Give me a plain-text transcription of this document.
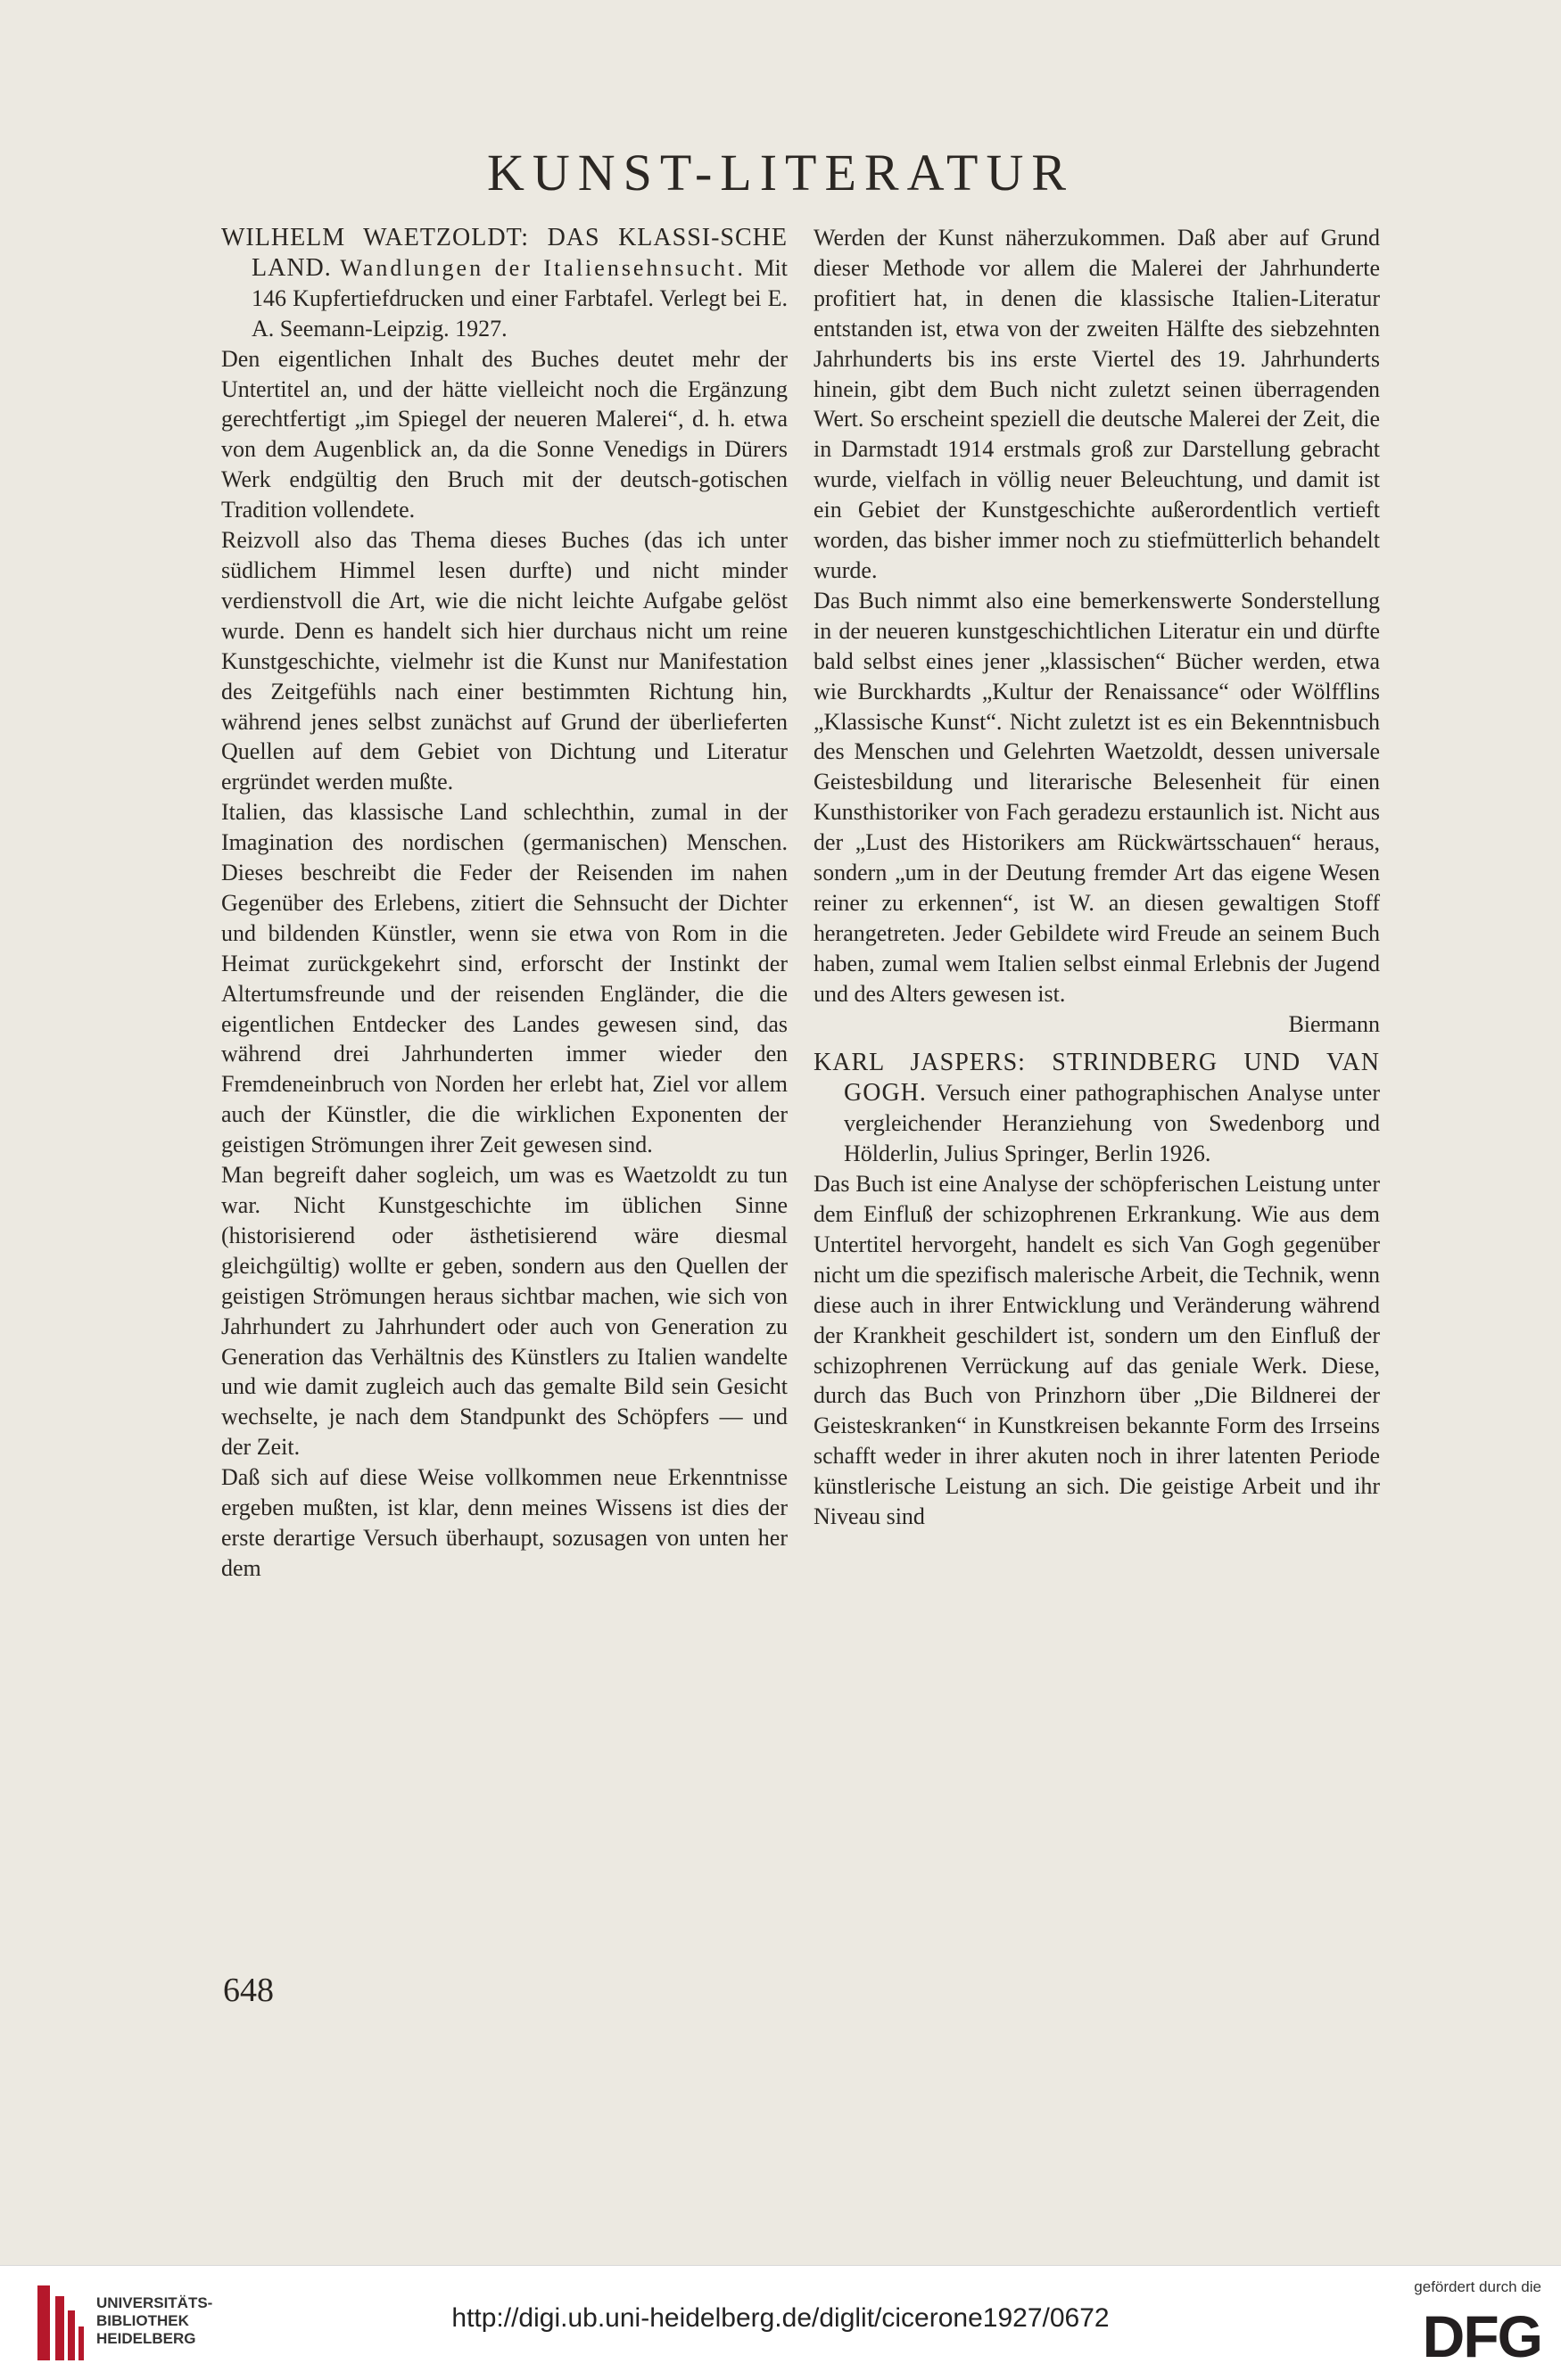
KUNST-LITERATUR

WILHELM WAETZOLDT: DAS KLASSI-SCHE LAND. Wandlungen der Italiensehnsucht. Mit 146 Kupfertiefdrucken und einer Farbtafel. Verlegt bei E. A. Seemann-Leipzig. 1927.

Den eigentlichen Inhalt des Buches deutet mehr der Untertitel an, und der hätte vielleicht noch die Ergänzung gerechtfertigt „im Spiegel der neueren Malerei“, d. h. etwa von dem Augenblick an, da die Sonne Venedigs in Dürers Werk endgültig den Bruch mit der deutsch-gotischen Tradition vollendete.

Reizvoll also das Thema dieses Buches (das ich unter südlichem Himmel lesen durfte) und nicht minder verdienstvoll die Art, wie die nicht leichte Aufgabe gelöst wurde. Denn es handelt sich hier durchaus nicht um reine Kunstgeschichte, vielmehr ist die Kunst nur Manifestation des Zeitgefühls nach einer bestimmten Richtung hin, während jenes selbst zunächst auf Grund der überlieferten Quellen auf dem Gebiet von Dichtung und Literatur ergründet werden mußte.

Italien, das klassische Land schlechthin, zumal in der Imagination des nordischen (germanischen) Menschen. Dieses beschreibt die Feder der Reisenden im nahen Gegenüber des Erlebens, zitiert die Sehnsucht der Dichter und bildenden Künstler, wenn sie etwa von Rom in die Heimat zurückgekehrt sind, erforscht der Instinkt der Altertumsfreunde und der reisenden Engländer, die die eigentlichen Entdecker des Landes gewesen sind, das während drei Jahrhunderten immer wieder den Fremdeneinbruch von Norden her erlebt hat, Ziel vor allem auch der Künstler, die die wirklichen Exponenten der geistigen Strömungen ihrer Zeit gewesen sind.

Man begreift daher sogleich, um was es Waetzoldt zu tun war. Nicht Kunstgeschichte im üblichen Sinne (historisierend oder ästhetisierend wäre diesmal gleichgültig) wollte er geben, sondern aus den Quellen der geistigen Strömungen heraus sichtbar machen, wie sich von Jahrhundert zu Jahrhundert oder auch von Generation zu Generation das Verhältnis des Künstlers zu Italien wandelte und wie damit zugleich auch das gemalte Bild sein Gesicht wechselte, je nach dem Standpunkt des Schöpfers — und der Zeit.

Daß sich auf diese Weise vollkommen neue Erkenntnisse ergeben mußten, ist klar, denn meines Wissens ist dies der erste derartige Versuch überhaupt, sozusagen von unten her dem

Werden der Kunst näherzukommen. Daß aber auf Grund dieser Methode vor allem die Malerei der Jahrhunderte profitiert hat, in denen die klassische Italien-Literatur entstanden ist, etwa von der zweiten Hälfte des siebzehnten Jahrhunderts bis ins erste Viertel des 19. Jahrhunderts hinein, gibt dem Buch nicht zuletzt seinen überragenden Wert. So erscheint speziell die deutsche Malerei der Zeit, die in Darmstadt 1914 erstmals groß zur Darstellung gebracht wurde, vielfach in völlig neuer Beleuchtung, und damit ist ein Gebiet der Kunstgeschichte außerordentlich vertieft worden, das bisher immer noch zu stiefmütterlich behandelt wurde.

Das Buch nimmt also eine bemerkenswerte Sonderstellung in der neueren kunstgeschichtlichen Literatur ein und dürfte bald selbst eines jener „klassischen“ Bücher werden, etwa wie Burckhardts „Kultur der Renaissance“ oder Wölfflins „Klassische Kunst“. Nicht zuletzt ist es ein Bekenntnisbuch des Menschen und Gelehrten Waetzoldt, dessen universale Geistesbildung und literarische Belesenheit für einen Kunsthistoriker von Fach geradezu erstaunlich ist. Nicht aus der „Lust des Historikers am Rückwärtsschauen“ heraus, sondern „um in der Deutung fremder Art das eigene Wesen reiner zu erkennen“, ist W. an diesen gewaltigen Stoff herangetreten. Jeder Gebildete wird Freude an seinem Buch haben, zumal wem Italien selbst einmal Erlebnis der Jugend und des Alters gewesen ist.

Biermann

KARL JASPERS: STRINDBERG UND VAN GOGH. Versuch einer pathographischen Analyse unter vergleichender Heranziehung von Swedenborg und Hölderlin, Julius Springer, Berlin 1926.

Das Buch ist eine Analyse der schöpferischen Leistung unter dem Einfluß der schizophrenen Erkrankung. Wie aus dem Untertitel hervorgeht, handelt es sich Van Gogh gegenüber nicht um die spezifisch malerische Arbeit, die Technik, wenn diese auch in ihrer Entwicklung und Veränderung während der Krankheit geschildert ist, sondern um den Einfluß der schizophrenen Verrückung auf das geniale Werk. Diese, durch das Buch von Prinzhorn über „Die Bildnerei der Geisteskranken“ in Kunstkreisen bekannte Form des Irrseins schafft weder in ihrer akuten noch in ihrer latenten Periode künstlerische Leistung an sich. Die geistige Arbeit und ihr Niveau sind

648

UNIVERSITÄTS-
BIBLIOTHEK
HEIDELBERG
http://digi.ub.uni-heidelberg.de/diglit/cicerone1927/0672
gefördert durch die
DFG
